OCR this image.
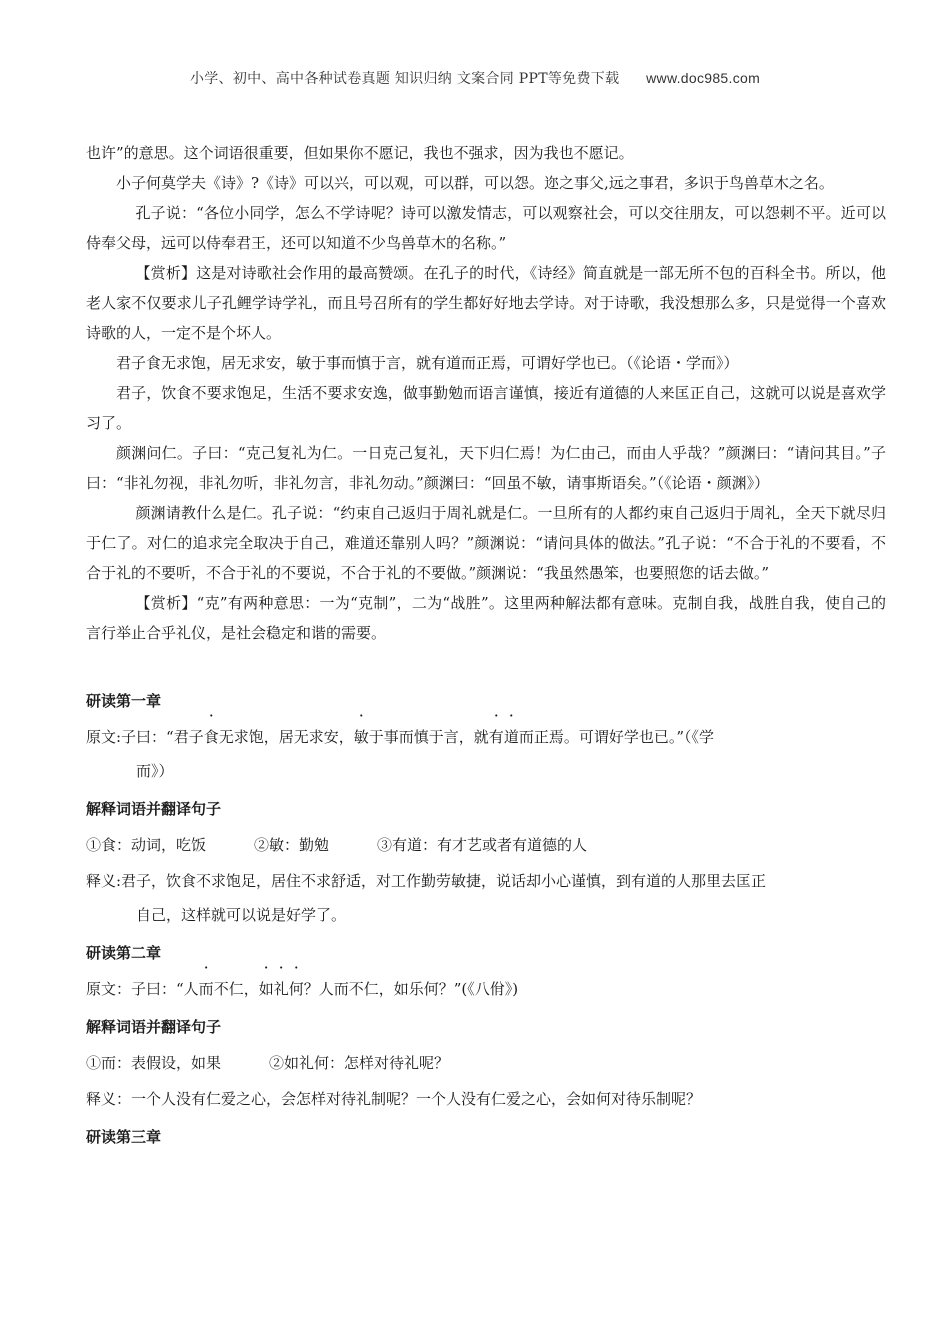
小学、初中、高中各种试卷真题 知识归纳 文案合同 PPT等免费下载 www.doc985.com

也许”的意思。这个词语很重要，但如果你不愿记，我也不强求，因为我也不愿记。

小子何莫学夫《诗》?《诗》可以兴，可以观，可以群，可以怨。迩之事父,远之事君，多识于鸟兽草木之名。

孔子说：“各位小同学，怎么不学诗呢？诗可以激发情志，可以观察社会，可以交往朋友，可以怨刺不平。近可以侍奉父母，远可以侍奉君王，还可以知道不少鸟兽草木的名称。”

【赏析】这是对诗歌社会作用的最高赞颂。在孔子的时代，《诗经》简直就是一部无所不包的百科全书。所以，他老人家不仅要求儿子孔鲤学诗学礼，而且号召所有的学生都好好地去学诗。对于诗歌，我没想那么多，只是觉得一个喜欢诗歌的人，一定不是个坏人。

君子食无求饱，居无求安，敏于事而慎于言，就有道而正焉，可谓好学也已。（《论语・学而》）

君子，饮食不要求饱足，生活不要求安逸，做事勤勉而语言谨慎，接近有道德的人来匡正自己，这就可以说是喜欢学习了。

颜渊问仁。子曰：“克己复礼为仁。一日克己复礼，天下归仁焉！为仁由己，而由人乎哉？”颜渊曰：“请问其目。”子曰：“非礼勿视，非礼勿听，非礼勿言，非礼勿动。”颜渊曰：“回虽不敏，请事斯语矣。”（《论语・颜渊》）

颜渊请教什么是仁。孔子说：“约束自己返归于周礼就是仁。一旦所有的人都约束自己返归于周礼，全天下就尽归于仁了。对仁的追求完全取决于自己，难道还靠别人吗？”颜渊说：“请问具体的做法。”孔子说：“不合于礼的不要看，不合于礼的不要听，不合于礼的不要说，不合于礼的不要做。”颜渊说：“我虽然愚笨，也要照您的话去做。”

【赏析】“克”有两种意思：一为“克制”，二为“战胜”。这里两种解法都有意味。克制自我，战胜自我，使自己的言行举止合乎礼仪，是社会稳定和谐的需要。

研读第一章
原文:子曰：“君子食无求饱，居无求安，敏于事而慎于言，就有道而正焉。可谓好学也已。”（《学
而》）
解释词语并翻译句子
①食：动词，吃饭	②敏：勤勉	③有道：有才艺或者有道德的人
释义:君子，饮食不求饱足，居住不求舒适，对工作勤劳敏捷，说话却小心谨慎，到有道的人那里去匡正
自己，这样就可以说是好学了。
研读第二章
原文：子曰：“人而不仁，如礼何？人而不仁，如乐何？”(《八佾》)
解释词语并翻译句子
①而：表假设，如果	②如礼何：怎样对待礼呢？
释义：一个人没有仁爱之心，会怎样对待礼制呢？一个人没有仁爱之心，会如何对待乐制呢？
研读第三章
